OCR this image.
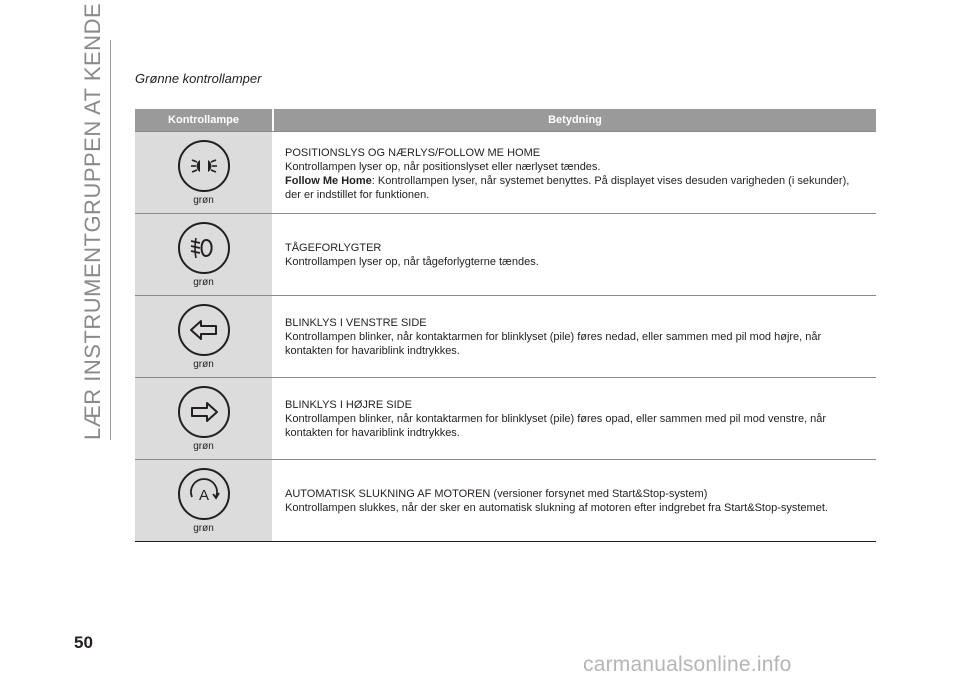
LÆR INSTRUMENTGRUPPEN AT KENDE Grønne kontrollamper
Kontrollampe	Betydning
grøn
POSITIONSLYS OG NÆRLYS/FOLLOW ME HOME
Kontrollampen lyser op, når positionslyset eller nærlyset tændes.
Follow Me Home: Kontrollampen lyser, når systemet benyttes. På displayet vises desuden varigheden (i sekunder), der er indstillet for funktionen.
grøn
TÅGEFORLYGTER
Kontrollampen lyser op, når tågeforlygterne tændes.
grøn
BLINKLYS I VENSTRE SIDE
Kontrollampen blinker, når kontaktarmen for blinklyset (pile) føres nedad, eller sammen med pil mod højre, når kontakten for havariblink indtrykkes.
grøn
BLINKLYS I HØJRE SIDE
Kontrollampen blinker, når kontaktarmen for blinklyset (pile) føres opad, eller sammen med pil mod venstre, når kontakten for havariblink indtrykkes.
A
grøn
AUTOMATISK SLUKNING AF MOTOREN (versioner forsynet med Start&Stop-system)
Kontrollampen slukkes, når der sker en automatisk slukning af motoren efter indgrebet fra Start&Stop-systemet.
50
carmanualsonline.info
